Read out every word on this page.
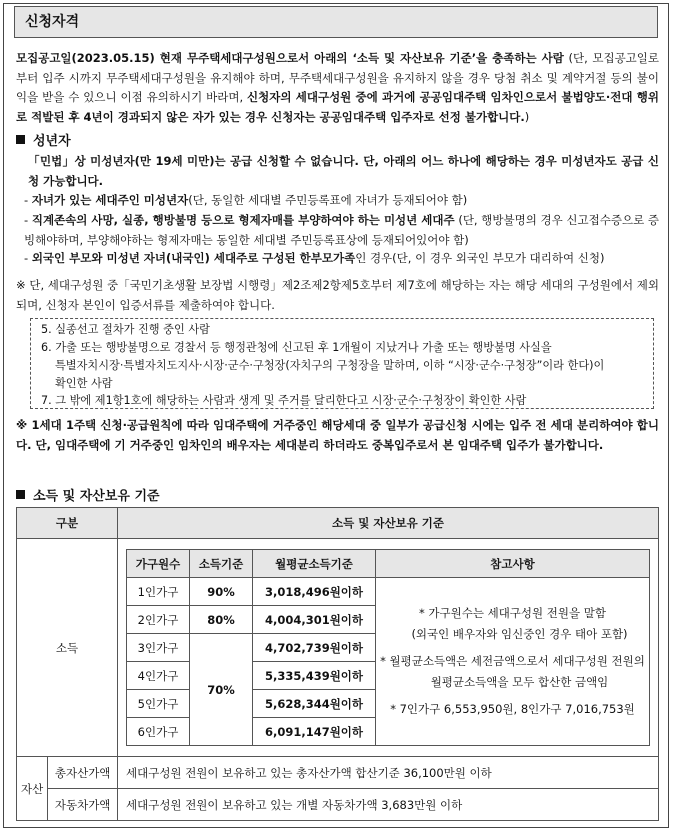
신청자격
모집공고일(2023.05.15) 현재 무주택세대구성원으로서 아래의 ‘소득 및 자산보유 기준’을 충족하는 사람 (단, 모집공고일로부터 입주 시까지 무주택세대구성원을 유지해야 하며, 무주택세대구성원을 유지하지 않을 경우 당첨 취소 및 계약거절 등의 불이익을 받을 수 있으니 이점 유의하시기 바라며, 신청자의 세대구성원 중에 과거에 공공임대주택 임차인으로서 불법양도·전대 행위로 적발된 후 4년이 경과되지 않은 자가 있는 경우 신청자는 공공임대주택 입주자로 선정 불가합니다.)
성년자
「민법」상 미성년자(만 19세 미만)는 공급 신청할 수 없습니다. 단, 아래의 어느 하나에 해당하는 경우 미성년자도 공급 신청 가능합니다.
- 자녀가 있는 세대주인 미성년자(단, 동일한 세대별 주민등록표에 자녀가 등재되어야 함)
- 직계존속의 사망, 실종, 행방불명 등으로 형제자매를 부양하여야 하는 미성년 세대주 (단, 행방불명의 경우 신고접수증으로 증빙해야하며, 부양해야하는 형제자매는 동일한 세대별 주민등록표상에 등재되어있어야 함)
- 외국인 부모와 미성년 자녀(내국인) 세대주로 구성된 한부모가족인 경우(단, 이 경우 외국인 부모가 대리하여 신청)
※ 단, 세대구성원 중「국민기초생활 보장법 시행령」제2조제2항제5호부터 제7호에 해당하는 자는 해당 세대의 구성원에서 제외되며, 신청자 본인이 입증서류를 제출하여야 합니다.
5. 실종선고 절차가 진행 중인 사람
6. 가출 또는 행방불명으로 경찰서 등 행정관청에 신고된 후 1개월이 지났거나 가출 또는 행방불명 사실을
특별자치시장·특별자치도지사·시장·군수·구청장(자치구의 구청장을 말하며, 이하 “시장·군수·구청장”이라 한다)이
확인한 사람
7. 그 밖에 제1항1호에 해당하는 사람과 생계 및 주거를 달리한다고 시장·군수·구청장이 확인한 사람
※ 1세대 1주택 신청·공급원칙에 따라 임대주택에 거주중인 해당세대 중 일부가 공급신청 시에는 입주 전 세대 분리하여야 합니다. 단, 임대주택에 기 거주중인 임차인의 배우자는 세대분리 하더라도 중복입주로서 본 임대주택 입주가 불가합니다.
소득 및 자산보유 기준
구분	소득 및 자산보유 기준
소득	
가구원수	소득기준	월평균소득기준	참고사항
1인가구	90%	3,018,496원이하	
* 가구원수는 세대구성원 전원을 말함
(외국인 배우자와 임신중인 경우 태아 포함)
* 월평균소득액은 세전금액으로서 세대구성원 전원의
월평균소득액을 모두 합산한 금액임
* 7인가구 6,553,950원, 8인가구 7,016,753원

2인가구	80%	4,004,301원이하
3인가구	70%	4,702,739원이하
4인가구	5,335,439원이하
5인가구	5,628,344원이하
6인가구	6,091,147원이하

자산	총자산가액	세대구성원 전원이 보유하고 있는 총자산가액 합산기준 36,100만원 이하
자동차가액	세대구성원 전원이 보유하고 있는 개별 자동차가액 3,683만원 이하
